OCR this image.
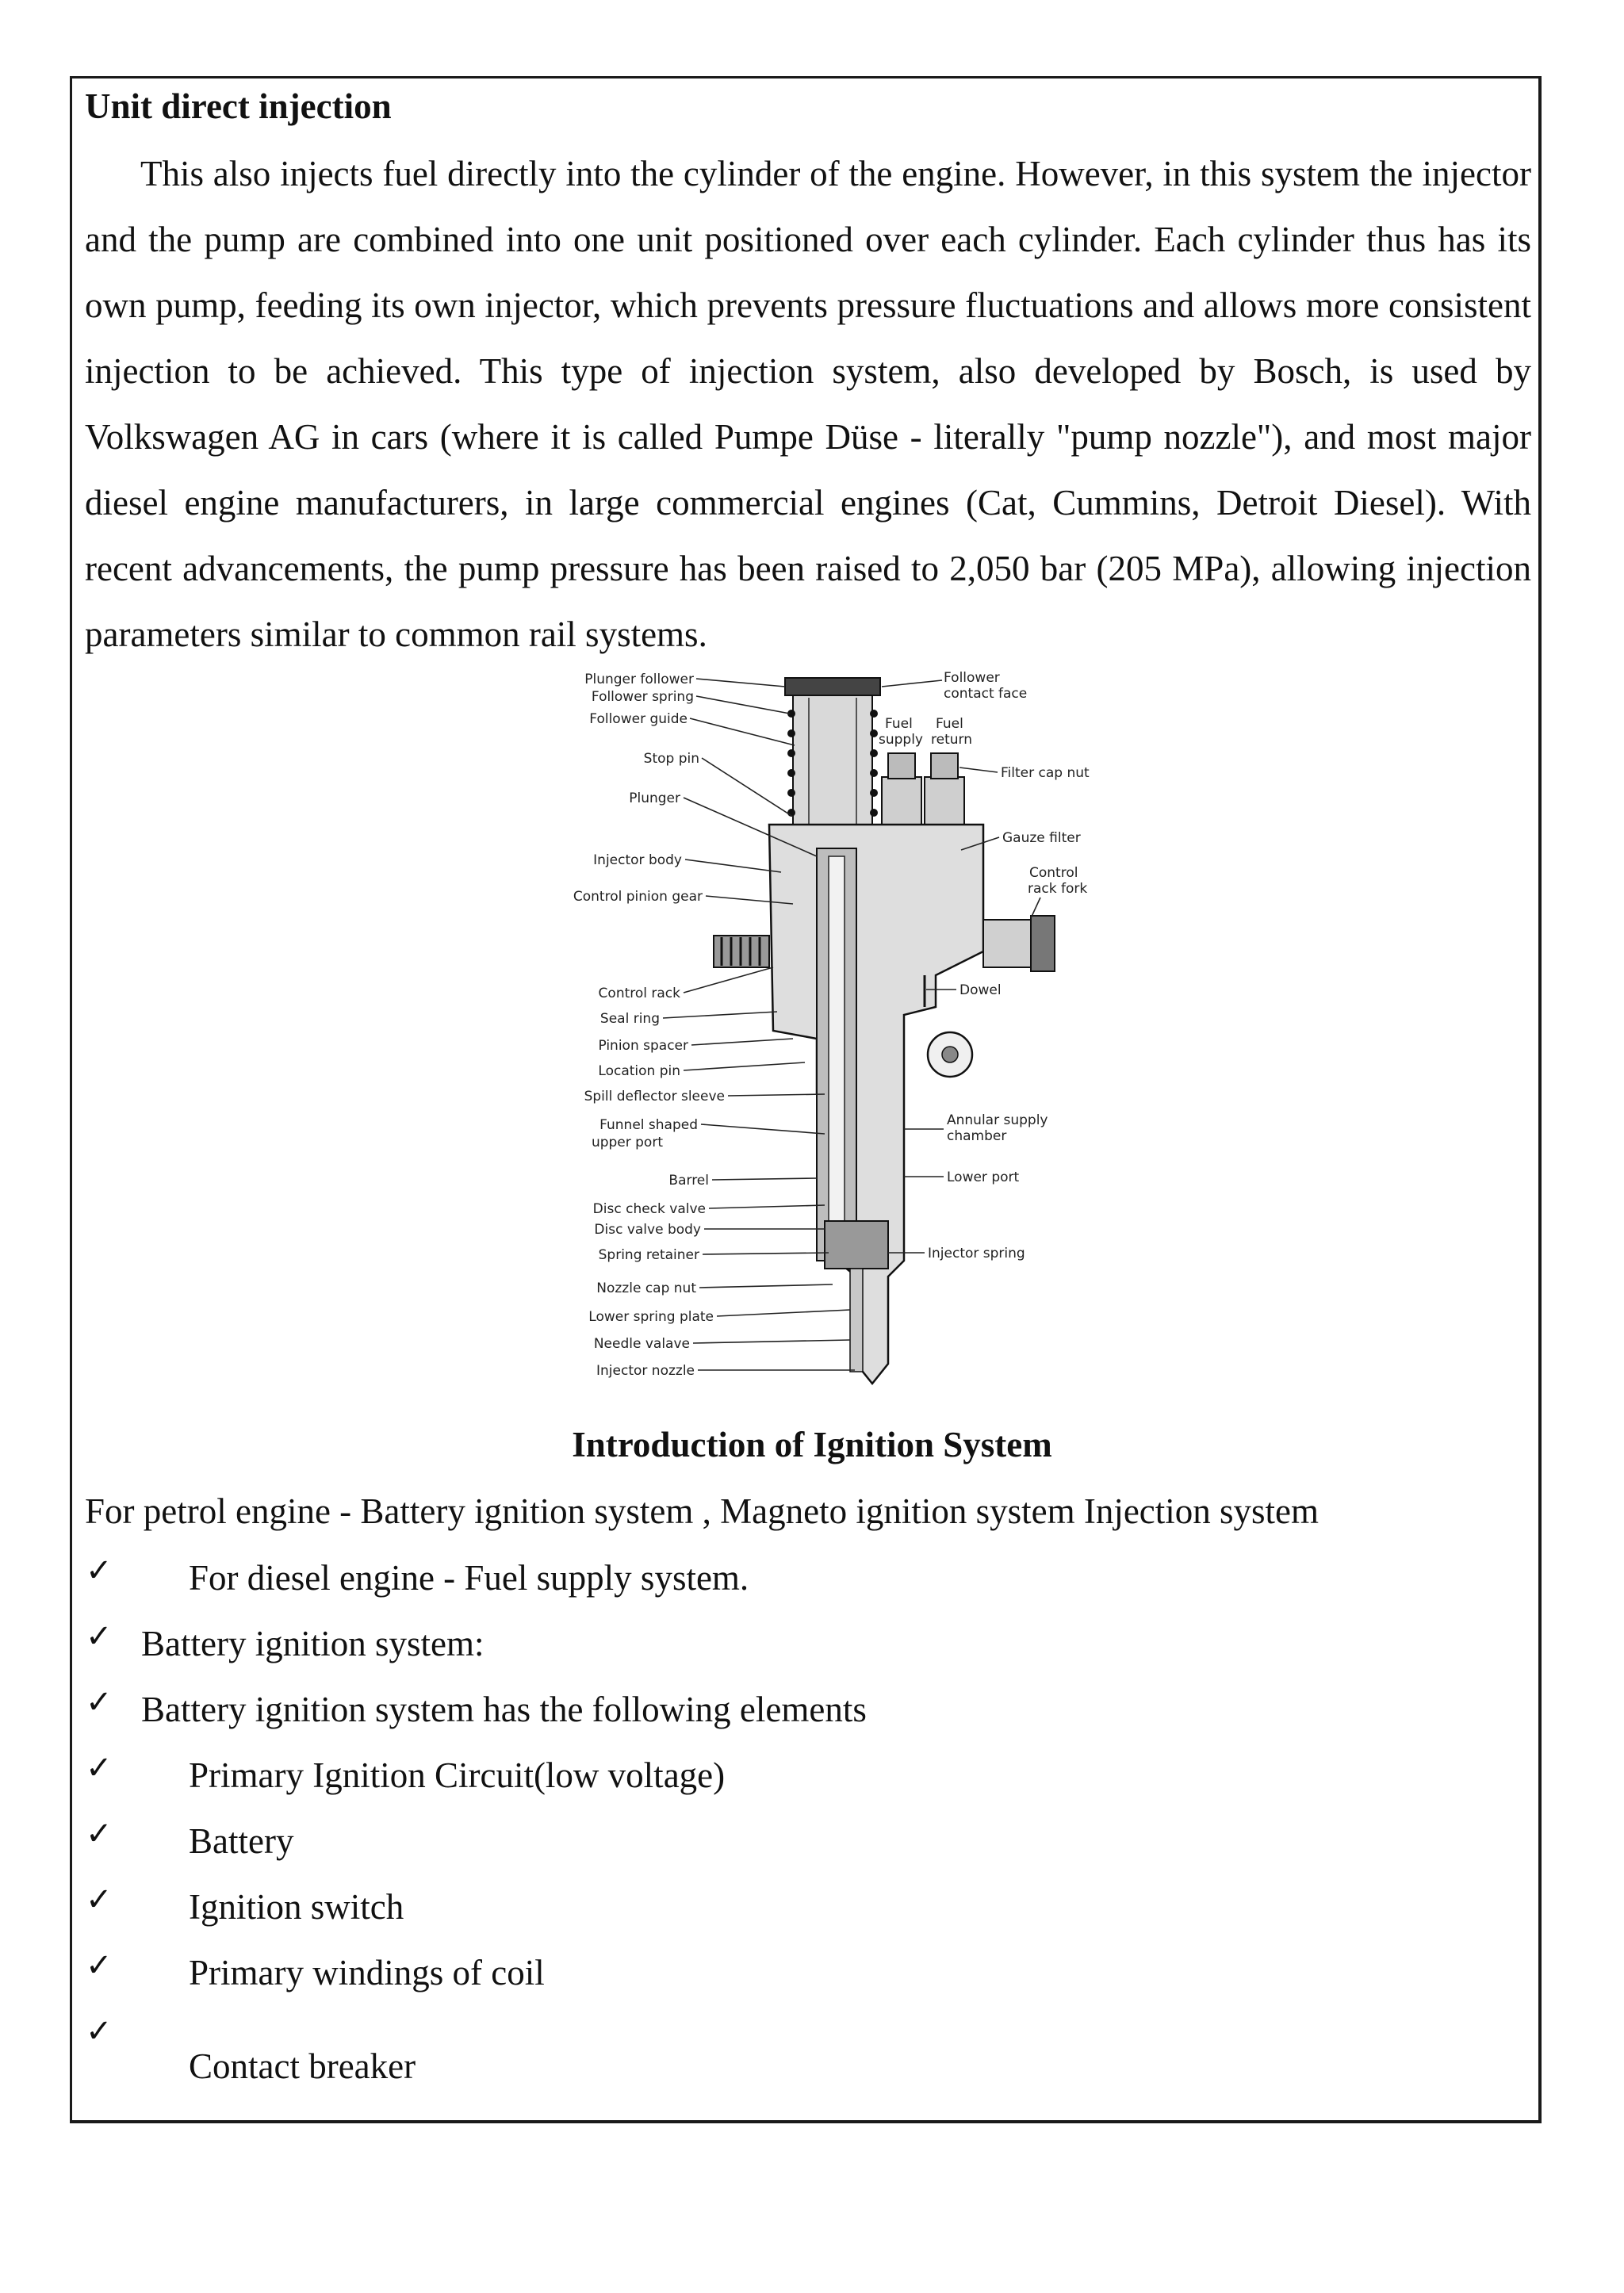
Unit direct injection

This also injects fuel directly into the cylinder of the engine. However, in this system the injector and the pump are combined into one unit positioned over each cylinder. Each cylinder thus has its own pump, feeding its own injector, which prevents pressure fluctuations and allows more consistent injection to be achieved. This type of injection system, also developed by Bosch, is used by Volkswagen AG in cars (where it is called Pumpe Düse - literally "pump nozzle"), and most major diesel engine manufacturers, in large commercial engines (Cat, Cummins, Detroit Diesel). With recent advancements, the pump pressure has been raised to 2,050 bar (205 MPa), allowing injection parameters similar to common rail systems.

Plunger follower
Follower spring
Follower guide
Stop pin
Plunger
Injector body
Control pinion gear
Control rack
Seal ring
Pinion spacer
Location pin
Spill deflector sleeve
Funnel shaped
upper port
Barrel
Disc check valve
Disc valve body
Spring retainer
Nozzle cap nut
Lower spring plate
Needle valave
Injector nozzle
Follower
contact face
Fuel
supply
Fuel
return
Filter cap nut
Gauze filter
Control
rack fork
Dowel
Annular supply
chamber
Lower port
Injector spring
Introduction of Ignition System
For petrol engine - Battery ignition system , Magneto ignition system Injection system
✓ For diesel engine - Fuel supply system.
✓ Battery ignition system:
✓ Battery ignition system has the following elements
✓ Primary Ignition Circuit(low voltage)
✓ Battery
✓ Ignition switch
✓ Primary windings of coil
✓
Contact breaker
